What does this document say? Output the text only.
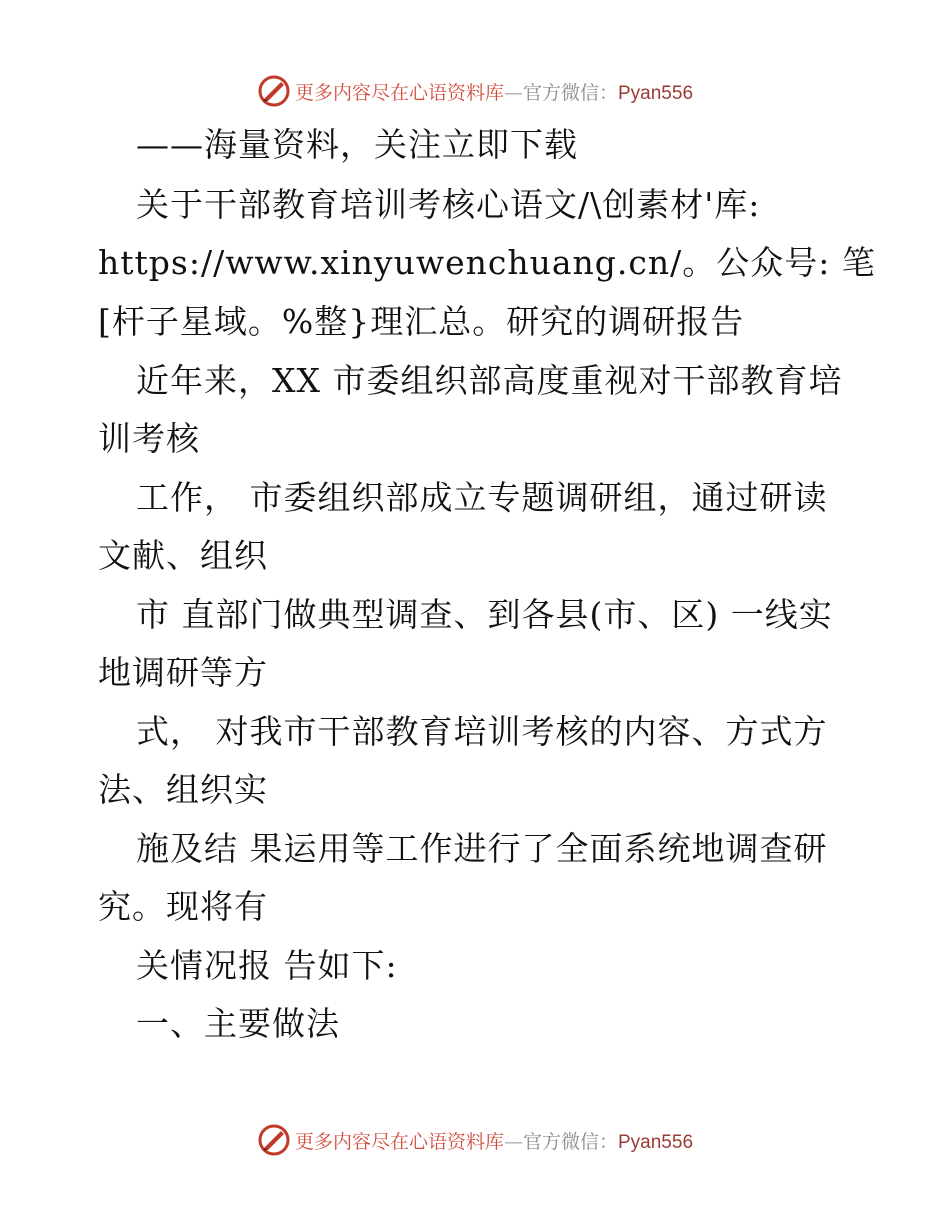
更多内容尽在心语资料库—官方微信：Pyan556
——海量资料，关注立即下载
关于干部教育培训考核心语文/\创素材'库:
https://www.xinyuwenchuang.cn/。公众号: 笔
[杆子星域。%整}理汇总。研究的调研报告
近年来，XX 市委组织部高度重视对干部教育培
训考核
工作， 市委组织部成立专题调研组，通过研读
文献、组织
市 直部门做典型调查、到各县(市、区) 一线实
地调研等方
式， 对我市干部教育培训考核的内容、方式方
法、组织实
施及结 果运用等工作进行了全面系统地调查研
究。现将有
关情况报 告如下:
一、主要做法
更多内容尽在心语资料库—官方微信：Pyan556
